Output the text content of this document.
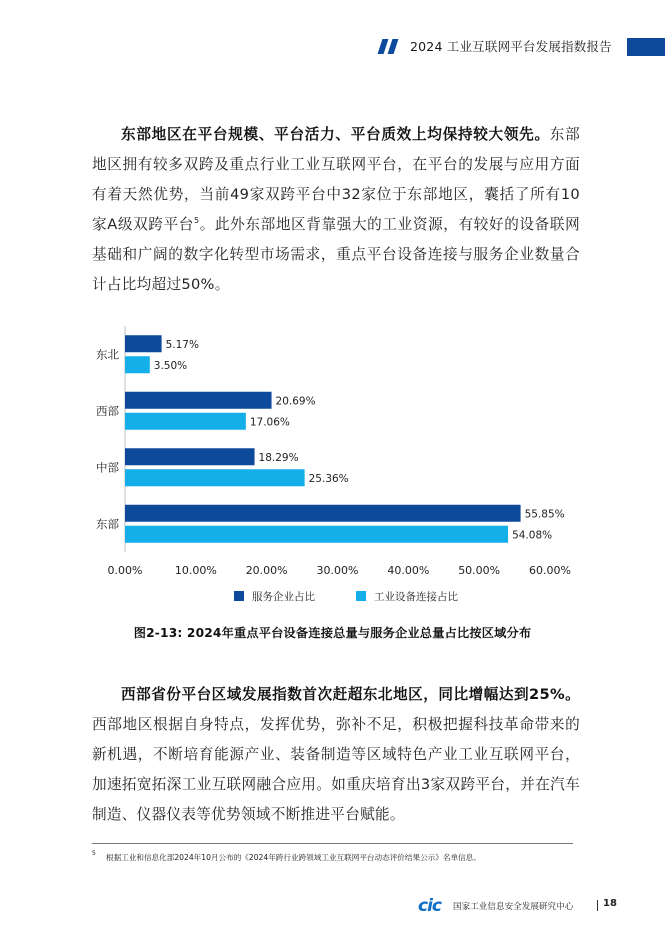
2024 工业互联网平台发展指数报告

东部地区在平台规模、平台活力、平台质效上均保持较大领先。东部地区拥有较多双跨及重点行业工业互联网平台，在平台的发展与应用方面有着天然优势，当前49家双跨平台中32家位于东部地区，囊括了所有10家A级双跨平台$^5$。此外东部地区背靠强大的工业资源，有较好的设备联网基础和广阔的数字化转型市场需求，重点平台设备连接与服务企业数量合计占比均超过50%。

5.17%
3.50%
20.69%
17.06%
18.29%
25.36%
55.85%
54.08%
0.00%	10.00%	20.00%	30.00%	40.00%	50.00%	60.00%
东北
西部
中部
东部
服务企业占比	工业设备连接占比
图2-13: 2024年重点平台设备连接总量与服务企业总量占比按区域分布

西部省份平台区域发展指数首次赶超东北地区，同比增幅达到25%。西部地区根据自身特点，发挥优势，弥补不足，积极把握科技革命带来的新机遇，不断培育能源产业、装备制造等区域特色产业工业互联网平台，加速拓宽拓深工业互联网融合应用。如重庆培育出3家双跨平台，并在汽车制造、仪器仪表等优势领域不断推进平台赋能。

5 根据工业和信息化部2024年10月公布的《2024年跨行业跨领域工业互联网平台动态评价结果公示》名单信息。
cic 国家工业信息安全发展研究中心	18
